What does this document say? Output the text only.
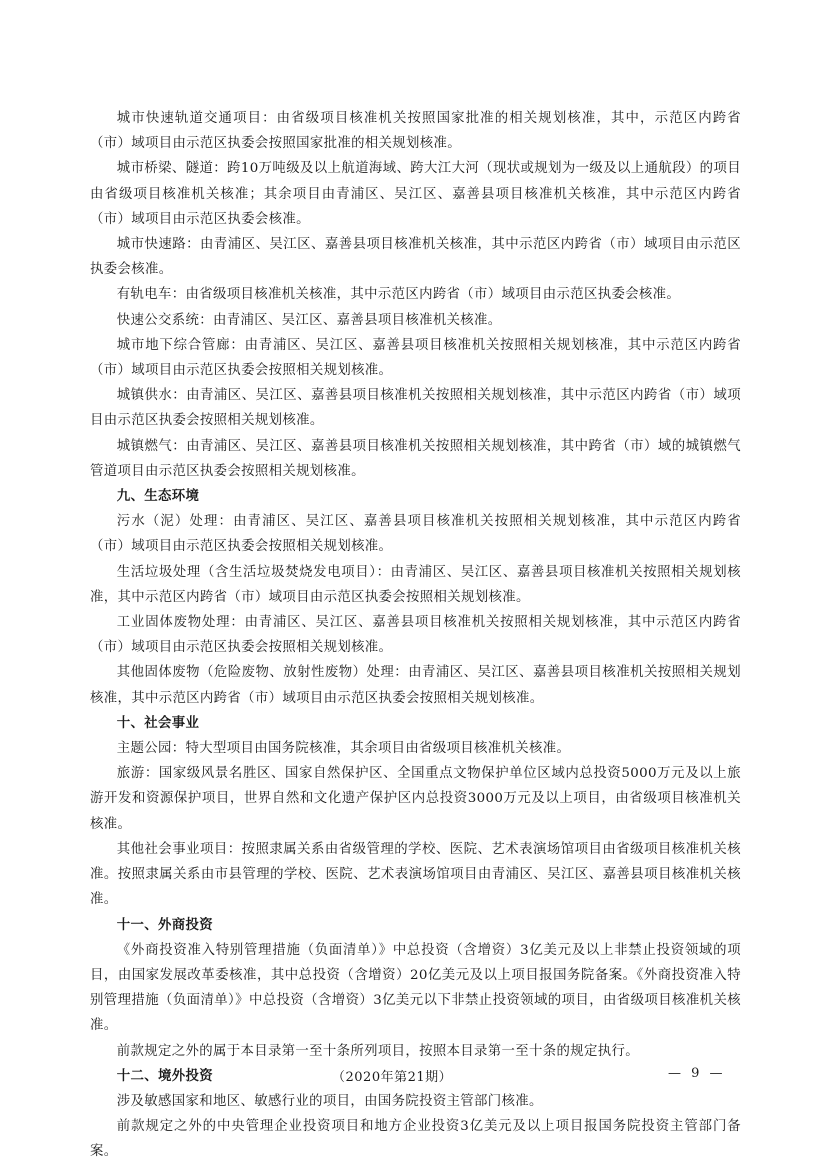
城市快速轨道交通项目：由省级项目核准机关按照国家批准的相关规划核准，其中，示范区内跨省（市）域项目由示范区执委会按照国家批准的相关规划核准。

城市桥梁、隧道：跨10万吨级及以上航道海域、跨大江大河（现状或规划为一级及以上通航段）的项目由省级项目核准机关核准；其余项目由青浦区、吴江区、嘉善县项目核准机关核准，其中示范区内跨省（市）域项目由示范区执委会核准。

城市快速路：由青浦区、吴江区、嘉善县项目核准机关核准，其中示范区内跨省（市）域项目由示范区执委会核准。

有轨电车：由省级项目核准机关核准，其中示范区内跨省（市）域项目由示范区执委会核准。

快速公交系统：由青浦区、吴江区、嘉善县项目核准机关核准。

城市地下综合管廊：由青浦区、吴江区、嘉善县项目核准机关按照相关规划核准，其中示范区内跨省（市）域项目由示范区执委会按照相关规划核准。

城镇供水：由青浦区、吴江区、嘉善县项目核准机关按照相关规划核准，其中示范区内跨省（市）域项目由示范区执委会按照相关规划核准。

城镇燃气：由青浦区、吴江区、嘉善县项目核准机关按照相关规划核准，其中跨省（市）域的城镇燃气管道项目由示范区执委会按照相关规划核准。

九、生态环境

污水（泥）处理：由青浦区、吴江区、嘉善县项目核准机关按照相关规划核准，其中示范区内跨省（市）域项目由示范区执委会按照相关规划核准。

生活垃圾处理（含生活垃圾焚烧发电项目）：由青浦区、吴江区、嘉善县项目核准机关按照相关规划核准，其中示范区内跨省（市）域项目由示范区执委会按照相关规划核准。

工业固体废物处理：由青浦区、吴江区、嘉善县项目核准机关按照相关规划核准，其中示范区内跨省（市）域项目由示范区执委会按照相关规划核准。

其他固体废物（危险废物、放射性废物）处理：由青浦区、吴江区、嘉善县项目核准机关按照相关规划核准，其中示范区内跨省（市）域项目由示范区执委会按照相关规划核准。

十、社会事业

主题公园：特大型项目由国务院核准，其余项目由省级项目核准机关核准。

旅游：国家级风景名胜区、国家自然保护区、全国重点文物保护单位区域内总投资5000万元及以上旅游开发和资源保护项目，世界自然和文化遗产保护区内总投资3000万元及以上项目，由省级项目核准机关核准。

其他社会事业项目：按照隶属关系由省级管理的学校、医院、艺术表演场馆项目由省级项目核准机关核准。按照隶属关系由市县管理的学校、医院、艺术表演场馆项目由青浦区、吴江区、嘉善县项目核准机关核准。

十一、外商投资

《外商投资准入特别管理措施（负面清单）》中总投资（含增资）3亿美元及以上非禁止投资领域的项目，由国家发展改革委核准，其中总投资（含增资）20亿美元及以上项目报国务院备案。《外商投资准入特别管理措施（负面清单）》中总投资（含增资）3亿美元以下非禁止投资领域的项目，由省级项目核准机关核准。

前款规定之外的属于本目录第一至十条所列项目，按照本目录第一至十条的规定执行。

十二、境外投资

涉及敏感国家和地区、敏感行业的项目，由国务院投资主管部门核准。

前款规定之外的中央管理企业投资项目和地方企业投资3亿美元及以上项目报国务院投资主管部门备案。

（2020年第21期）	— 9 —
